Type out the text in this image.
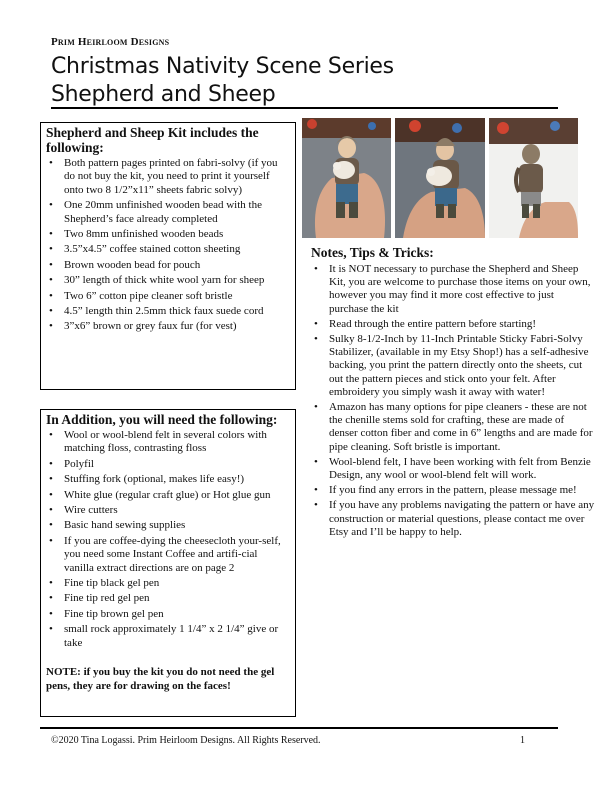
Prim Heirloom Designs
Christmas Nativity Scene Series
Shepherd and Sheep
Shepherd and Sheep Kit includes the following:
• Both pattern pages printed on fabri-solvy (if you do not buy the kit, you need to print it yourself onto two 8 1/2”x11” sheets fabric solvy)
• One 20mm unfinished wooden bead with the Shepherd’s face already completed
• Two 8mm unfinished wooden beads
• 3.5”x4.5” coffee stained cotton sheeting
• Brown wooden bead for pouch
• 30” length of thick white wool yarn for sheep
• Two 6” cotton pipe cleaner soft bristle
• 4.5” length thin 2.5mm thick faux suede cord
• 3”x6” brown or grey faux fur (for vest)
In Addition, you will need the following:
• Wool or wool-blend felt in several colors with matching floss, contrasting floss
• Polyfil
• Stuffing fork (optional, makes life easy!)
• White glue (regular craft glue) or Hot glue gun
• Wire cutters
• Basic hand sewing supplies
• If you are coffee-dying the cheesecloth your-self, you need some Instant Coffee and artifi-cial vanilla extract directions are on page 2
• Fine tip black gel pen
• Fine tip red gel pen
• Fine tip brown gel pen
• small rock approximately 1 1/4” x 2 1/4” give or take
NOTE: if you buy the kit you do not need the gel pens, they are for drawing on the faces!
Notes, Tips & Tricks:
• It is NOT necessary to purchase the Shepherd and Sheep Kit, you are welcome to purchase those items on your own, however you may find it more cost effective to just purchase the kit
• Read through the entire pattern before starting!
• Sulky 8-1/2-Inch by 11-Inch Printable Sticky Fabri-Solvy Stabilizer, (available in my Etsy Shop!) has a self-adhesive backing, you print the pattern directly onto the sheets, cut out the pattern pieces and stick onto your felt. After embroidery you simply wash it away with water!
• Amazon has many options for pipe cleaners - these are not the chenille stems sold for crafting, these are made of denser cotton fiber and come in 6” lengths and are made for pipe cleaning. Soft bristle is important.
• Wool-blend felt, I have been working with felt from Benzie Design, any wool or wool-blend felt will work.
• If you find any errors in the pattern, please message me!
• If you have any problems navigating the pattern or have any construction or material questions, please contact me over Etsy and I’ll be happy to help.
©2020 Tina Logassi. Prim Heirloom Designs. All Rights Reserved.	1
